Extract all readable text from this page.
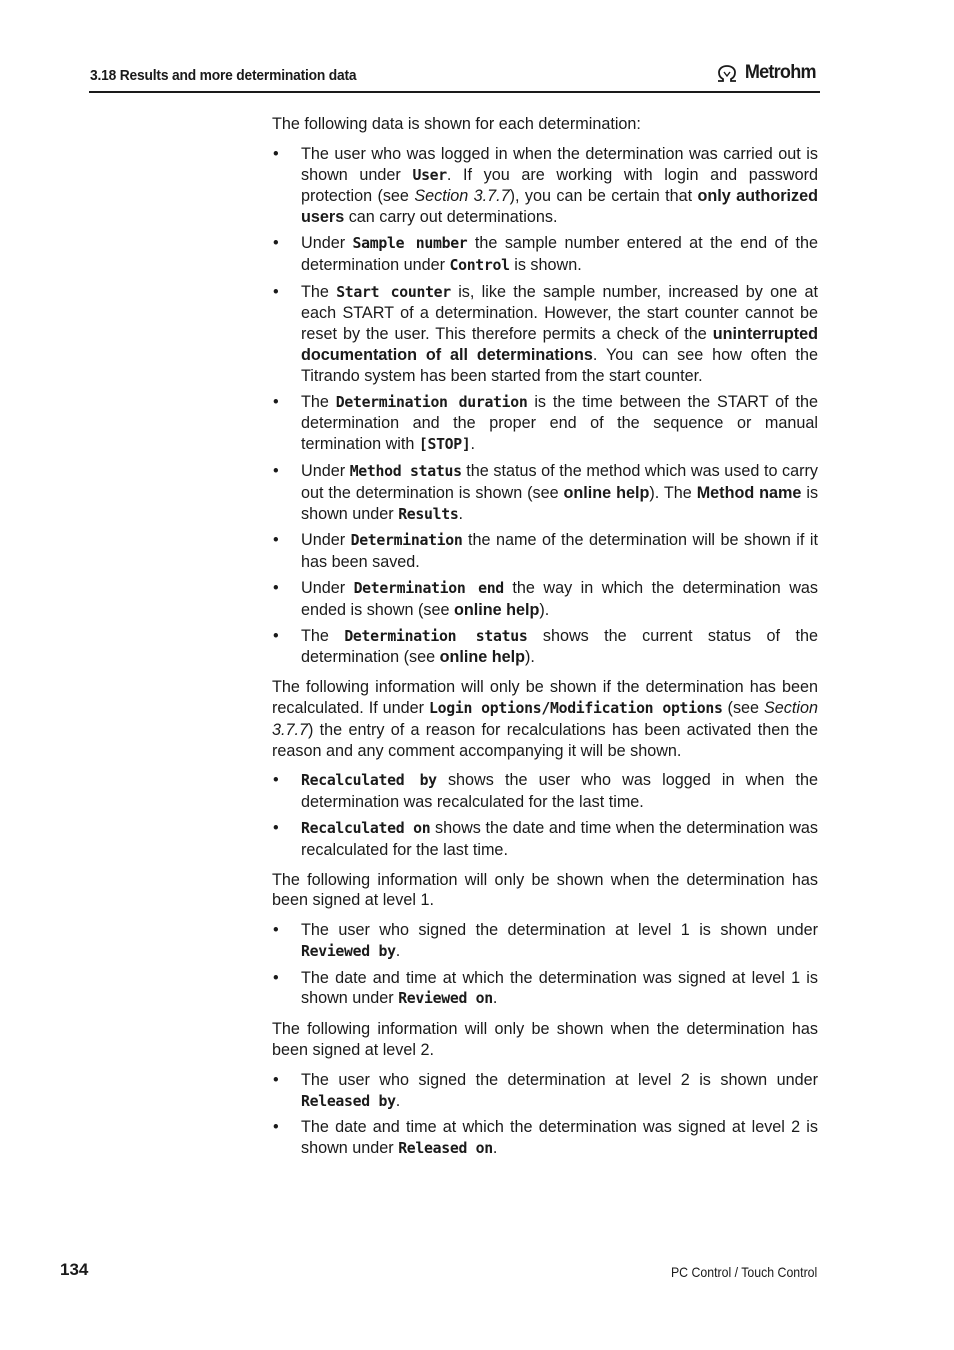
3.18 Results and more determination data	Metrohm

The following data is shown for each determination:

• The user who was logged in when the determination was carried out is shown under User. If you are working with login and password protection (see Section 3.7.7), you can be certain that only authorized users can carry out determinations.
• Under Sample number the sample number entered at the end of the determination under Control is shown.
• The Start counter is, like the sample number, increased by one at each START of a determination. However, the start counter cannot be reset by the user. This therefore permits a check of the uninterrupted documentation of all determinations. You can see how often the Titrando system has been started from the start counter.
• The Determination duration is the time between the START of the determination and the proper end of the sequence or manual termination with [STOP].
• Under Method status the status of the method which was used to carry out the determination is shown (see online help). The Method name is shown under Results.
• Under Determination the name of the determination will be shown if it has been saved.
• Under Determination end the way in which the determination was ended is shown (see online help).
• The Determination status shows the current status of the determination (see online help).

The following information will only be shown if the determination has been recalculated. If under Login options/Modification options (see Section 3.7.7) the entry of a reason for recalculations has been activated then the reason and any comment accompanying it will be shown.

• Recalculated by shows the user who was logged in when the determination was recalculated for the last time.
• Recalculated on shows the date and time when the determination was recalculated for the last time.

The following information will only be shown when the determination has been signed at level 1.

• The user who signed the determination at level 1 is shown under Reviewed by.
• The date and time at which the determination was signed at level 1 is shown under Reviewed on.

The following information will only be shown when the determination has been signed at level 2.

• The user who signed the determination at level 2 is shown under Released by.
• The date and time at which the determination was signed at level 2 is shown under Released on.
134	PC Control / Touch Control
